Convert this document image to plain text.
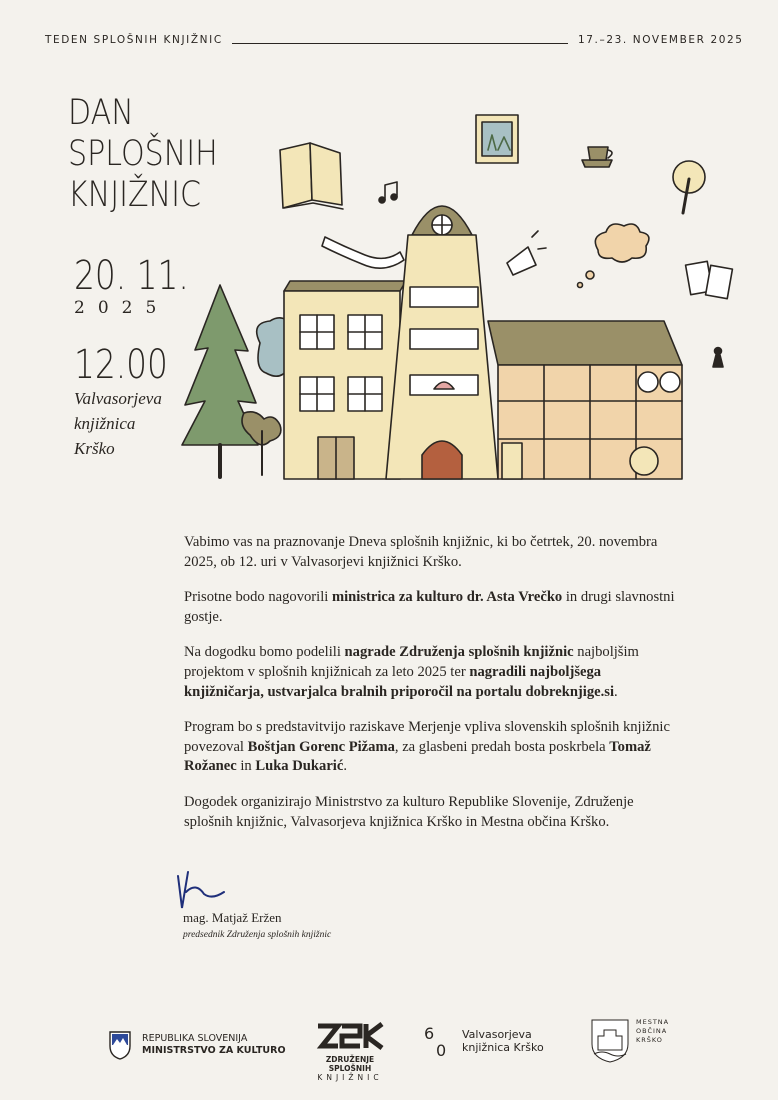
TEDEN SPLOŠNIH KNJIŽNIC	17.–23. NOVEMBER 2025
DAN
SPLOŠNIH
KNJIŽNIC
20. 11.
2025
12.00
Valvasorjeva
knjižnica
Krško

Vabimo vas na praznovanje Dneva splošnih knjižnic, ki bo četrtek, 20. novembra 2025, ob 12. uri v Valvasorjevi knjižnici Krško.

Prisotne bodo nagovorili ministrica za kulturo dr. Asta Vrečko in drugi slavnostni gostje.

Na dogodku bomo podelili nagrade Združenja splošnih knjižnic najboljšim projektom v splošnih knjižnicah za leto 2025 ter nagradili najboljšega knjižničarja, ustvarjalca bralnih priporočil na portalu dobreknjige.si.

Program bo s predstavitvijo raziskave Merjenje vpliva slovenskih splošnih knjižnic povezoval Boštjan Gorenc Pižama, za glasbeni predah bosta poskrbela Tomaž Rožanec in Luka Dukarić.

Dogodek organizirajo Ministrstvo za kulturo Republike Slovenije, Združenje splošnih knjižnic, Valvasorjeva knjižnica Krško in Mestna občina Krško.

mag. Matjaž Eržen
predsednik Združenja splošnih knjižnic
REPUBLIKA SLOVENIJA
MINISTRSTVO ZA KULTURO
ZDRUŽENJE SPLOŠNIH
KNJIŽNIC
6
0
Valvasorjeva
knjižnica Krško
MESTNA
OBČINA
KRŠKO
